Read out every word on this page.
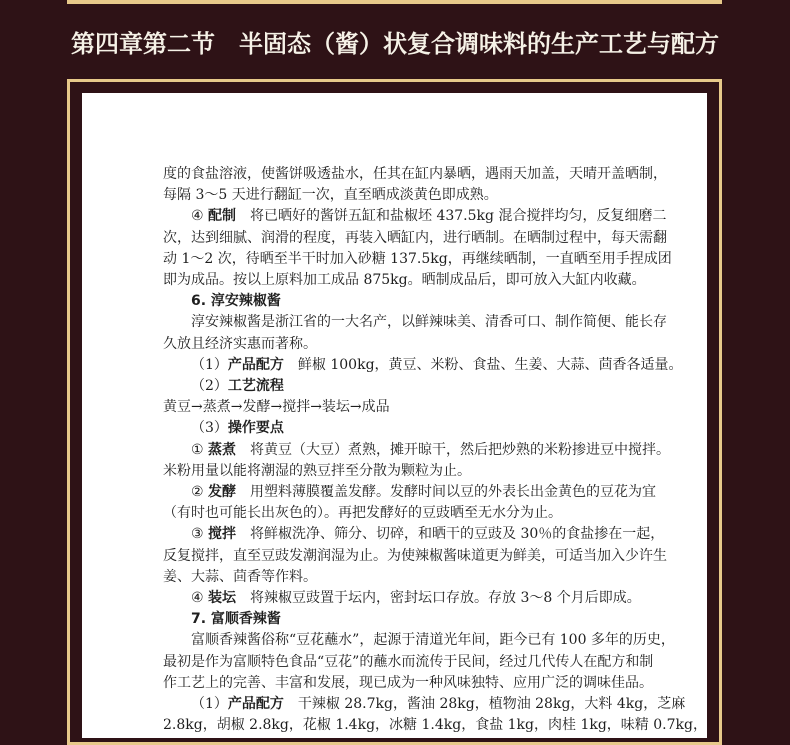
第四章第二节　半固态（酱）状复合调味料的生产工艺与配方
度的食盐溶液，使酱饼吸透盐水，任其在缸内暴晒，遇雨天加盖，天晴开盖晒制，
每隔 3～5 天进行翻缸一次，直至晒成淡黄色即成熟。
④ 配制　将已晒好的酱饼五缸和盐椒坯 437.5kg 混合搅拌均匀，反复细磨二
次，达到细腻、润滑的程度，再装入晒缸内，进行晒制。在晒制过程中，每天需翻
动 1～2 次，待晒至半干时加入砂糖 137.5kg，再继续晒制，一直晒至用手捏成团
即为成品。按以上原料加工成品 875kg。晒制成品后，即可放入大缸内收藏。
6. 淳安辣椒酱
淳安辣椒酱是浙江省的一大名产，以鲜辣味美、清香可口、制作简便、能长存
久放且经济实惠而著称。
（1）产品配方　鲜椒 100kg，黄豆、米粉、食盐、生姜、大蒜、茴香各适量。
（2）工艺流程
黄豆→蒸煮→发酵→搅拌→装坛→成品
（3）操作要点
① 蒸煮　将黄豆（大豆）煮熟，摊开晾干，然后把炒熟的米粉掺进豆中搅拌。
米粉用量以能将潮湿的熟豆拌至分散为颗粒为止。
② 发酵　用塑料薄膜覆盖发酵。发酵时间以豆的外表长出金黄色的豆花为宜
（有时也可能长出灰色的）。再把发酵好的豆豉晒至无水分为止。
③ 搅拌　将鲜椒洗净、筛分、切碎，和晒干的豆豉及 30％的食盐掺在一起，
反复搅拌，直至豆豉发潮润湿为止。为使辣椒酱味道更为鲜美，可适当加入少许生
姜、大蒜、茴香等作料。
④ 装坛　将辣椒豆豉置于坛内，密封坛口存放。存放 3～8 个月后即成。
7. 富顺香辣酱
富顺香辣酱俗称“豆花蘸水”，起源于清道光年间，距今已有 100 多年的历史，
最初是作为富顺特色食品“豆花”的蘸水而流传于民间，经过几代传人在配方和制
作工艺上的完善、丰富和发展，现已成为一种风味独特、应用广泛的调味佳品。
（1）产品配方　干辣椒 28.7kg，酱油 28kg，植物油 28kg，大料 4kg，芝麻
2.8kg，胡椒 2.8kg，花椒 1.4kg，冰糖 1.4kg，食盐 1kg，肉桂 1kg，味精 0.7kg，
